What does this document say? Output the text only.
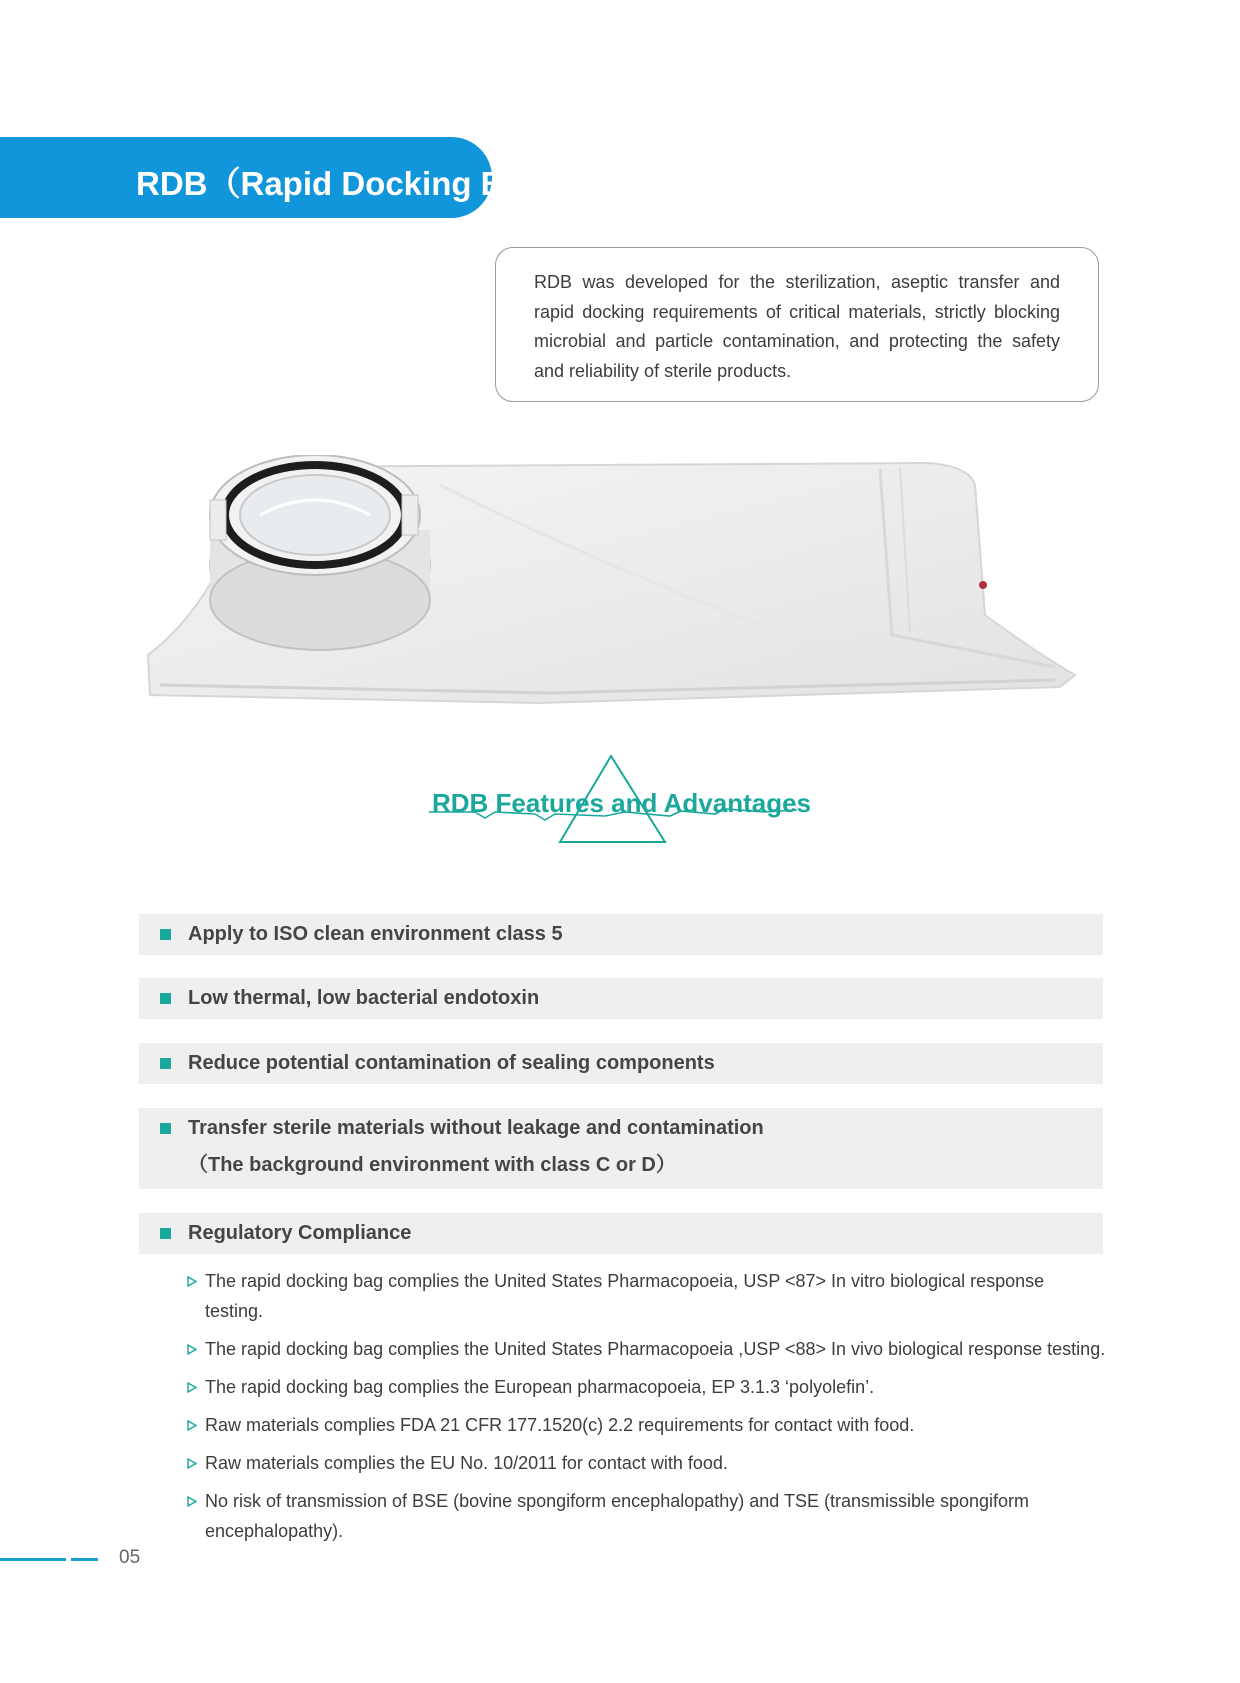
RDB（Rapid Docking Bag）
RDB was developed for the sterilization, aseptic transfer and rapid docking requirements of critical materials, strictly blocking microbial and particle contamination, and protecting the safety and reliability of sterile products.
RDB Features and Advantages
Apply to ISO clean environment class 5
Low thermal, low bacterial endotoxin
Reduce potential contamination of sealing components
Transfer sterile materials without leakage and contamination
（The background environment with class C or D）
Regulatory Compliance
The rapid docking bag complies the United States Pharmacopoeia, USP <87> In vitro biological response testing.
The rapid docking bag complies the United States Pharmacopoeia ,USP <88> In vivo biological response testing.
The rapid docking bag complies the European pharmacopoeia, EP 3.1.3 ‘polyolefin’.
Raw materials complies FDA 21 CFR 177.1520(c) 2.2 requirements for contact with food.
Raw materials complies the EU No. 10/2011 for contact with food.
No risk of transmission of BSE (bovine spongiform encephalopathy) and TSE (transmissible spongiform encephalopathy).
05
